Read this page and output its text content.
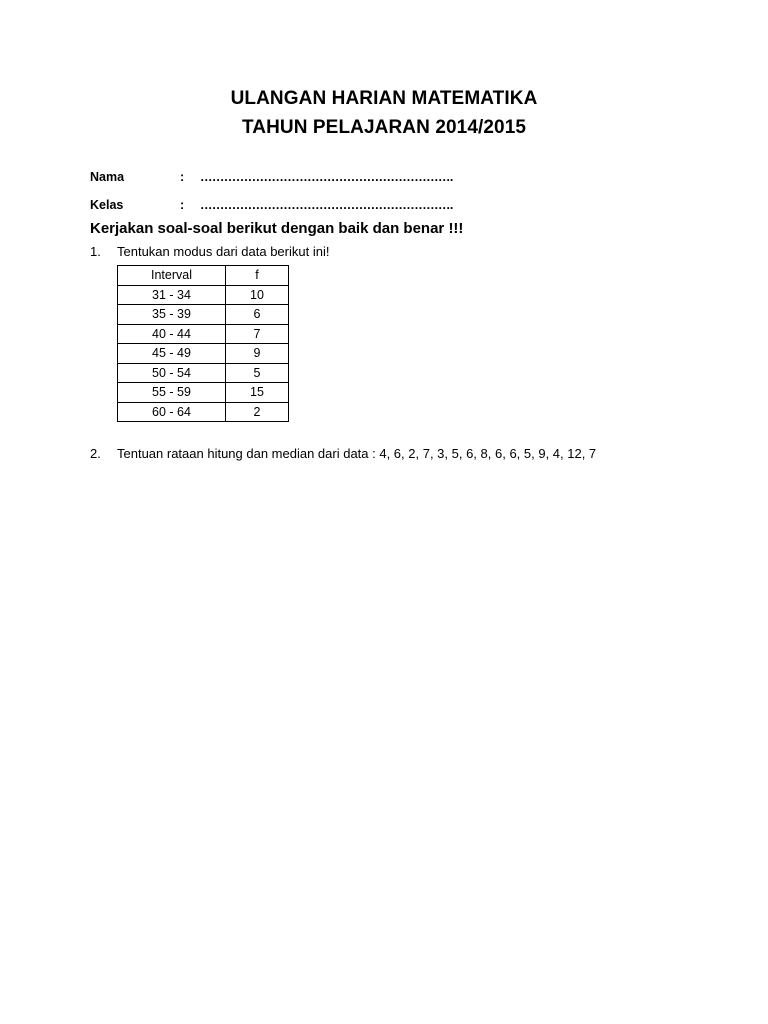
ULANGAN HARIAN MATEMATIKA
TAHUN PELAJARAN 2014/2015
Nama	: ……………………………………………………….
Kelas	: ……………………………………………………….
Kerjakan soal-soal berikut dengan baik dan benar !!!
1. Tentukan modus dari data berikut ini!
Interval	f
31 - 34	10
35 - 39	6
40 - 44	7
45 - 49	9
50 - 54	5
55 - 59	15
60 - 64	2
2. Tentuan rataan hitung dan median dari data : 4, 6, 2, 7, 3, 5, 6, 8, 6, 6, 5, 9, 4, 12, 7
